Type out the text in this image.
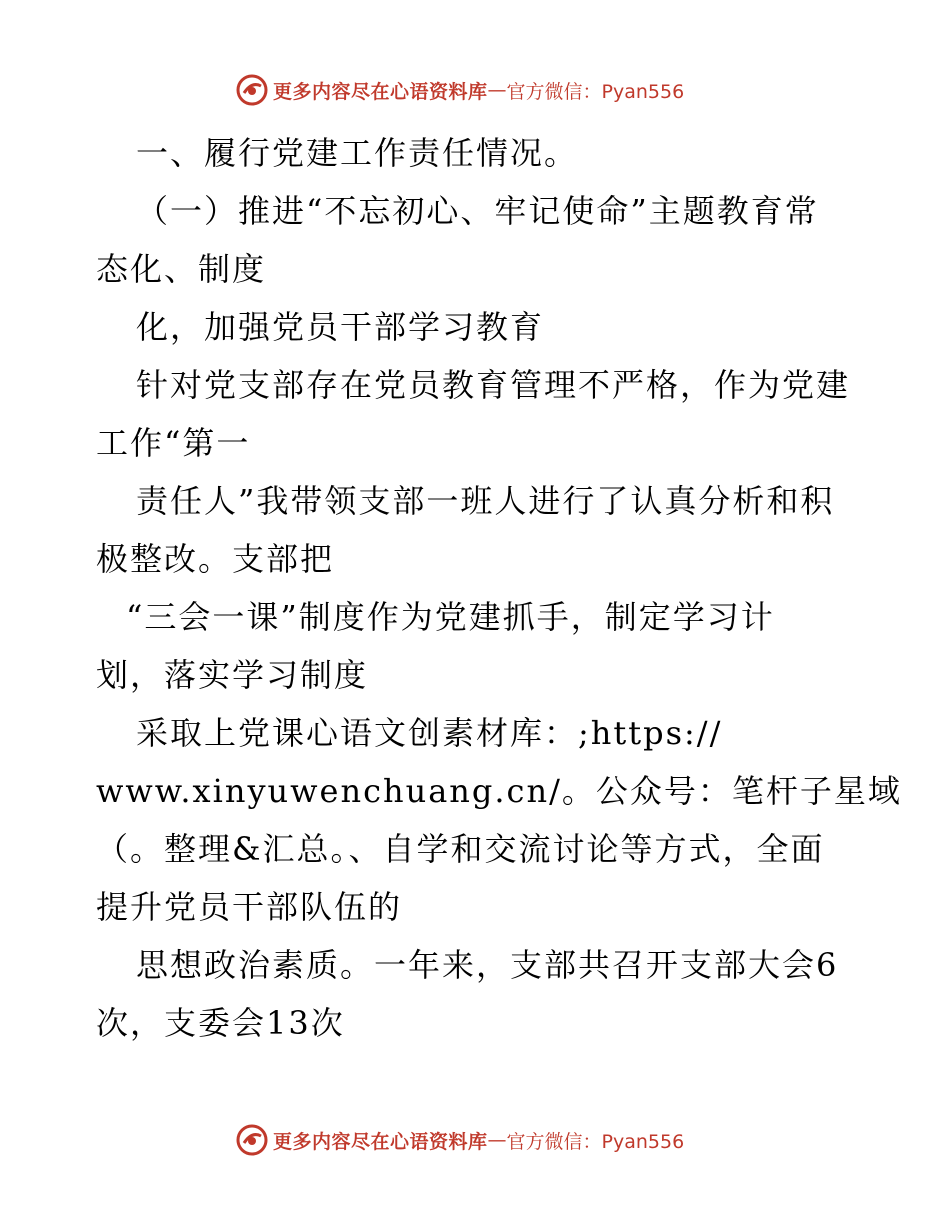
更多内容尽在心语资料库 — 官方微信：Pyan556
一、履行党建工作责任情况。
（一）推进“不忘初心、牢记使命”主题教育常
态化、制度
化，加强党员干部学习教育
针对党支部存在党员教育管理不严格，作为党建
工作“第一
责任人”我带领支部一班人进行了认真分析和积
极整改。支部把
“三会一课”制度作为党建抓手，制定学习计
划，落实学习制度
采取上党课心语文创素材库：;https://
www.xinyuwenchuang.cn/。公众号：笔杆子星域
（。整理&汇总。、自学和交流讨论等方式，全面
提升党员干部队伍的
思想政治素质。一年来，支部共召开支部大会6
次，支委会13次
更多内容尽在心语资料库 — 官方微信：Pyan556
